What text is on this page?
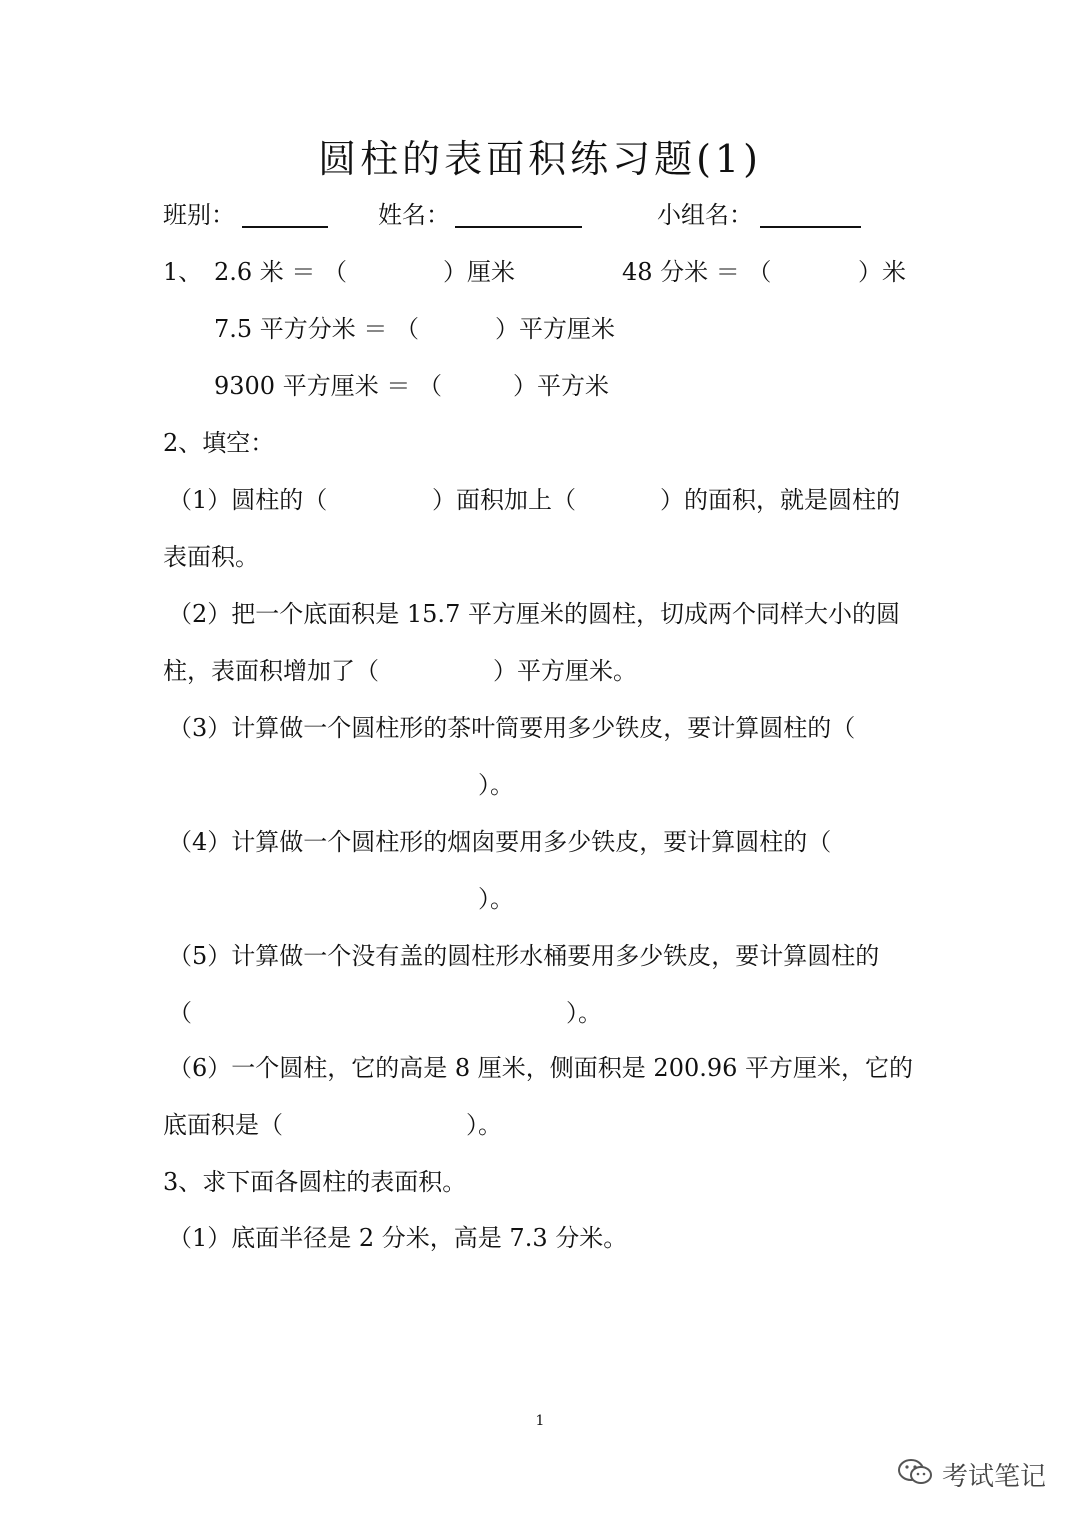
圆柱的表面积练习题(1)
班别：	姓名：	小组名：
1、 2.6 米 ＝ （	）厘米	48 分米 ＝ （	）米
7.5 平方分米 ＝ （	）平方厘米
9300 平方厘米 ＝ （	）平方米
2、填空：
（1）圆柱的（	）面积加上（	）的面积，就是圆柱的
表面积。
（2）把一个底面积是 15.7 平方厘米的圆柱，切成两个同样大小的圆
柱，表面积增加了（	）平方厘米。
（3）计算做一个圆柱形的茶叶筒要用多少铁皮，要计算圆柱的（
）。
（4）计算做一个圆柱形的烟囱要用多少铁皮，要计算圆柱的（
）。
（5）计算做一个没有盖的圆柱形水桶要用多少铁皮，要计算圆柱的
（	）。
（6）一个圆柱，它的高是 8 厘米，侧面积是 200.96 平方厘米，它的
底面积是（	）。
3、求下面各圆柱的表面积。
（1）底面半径是 2 分米，高是 7.3 分米。
1
考试笔记
